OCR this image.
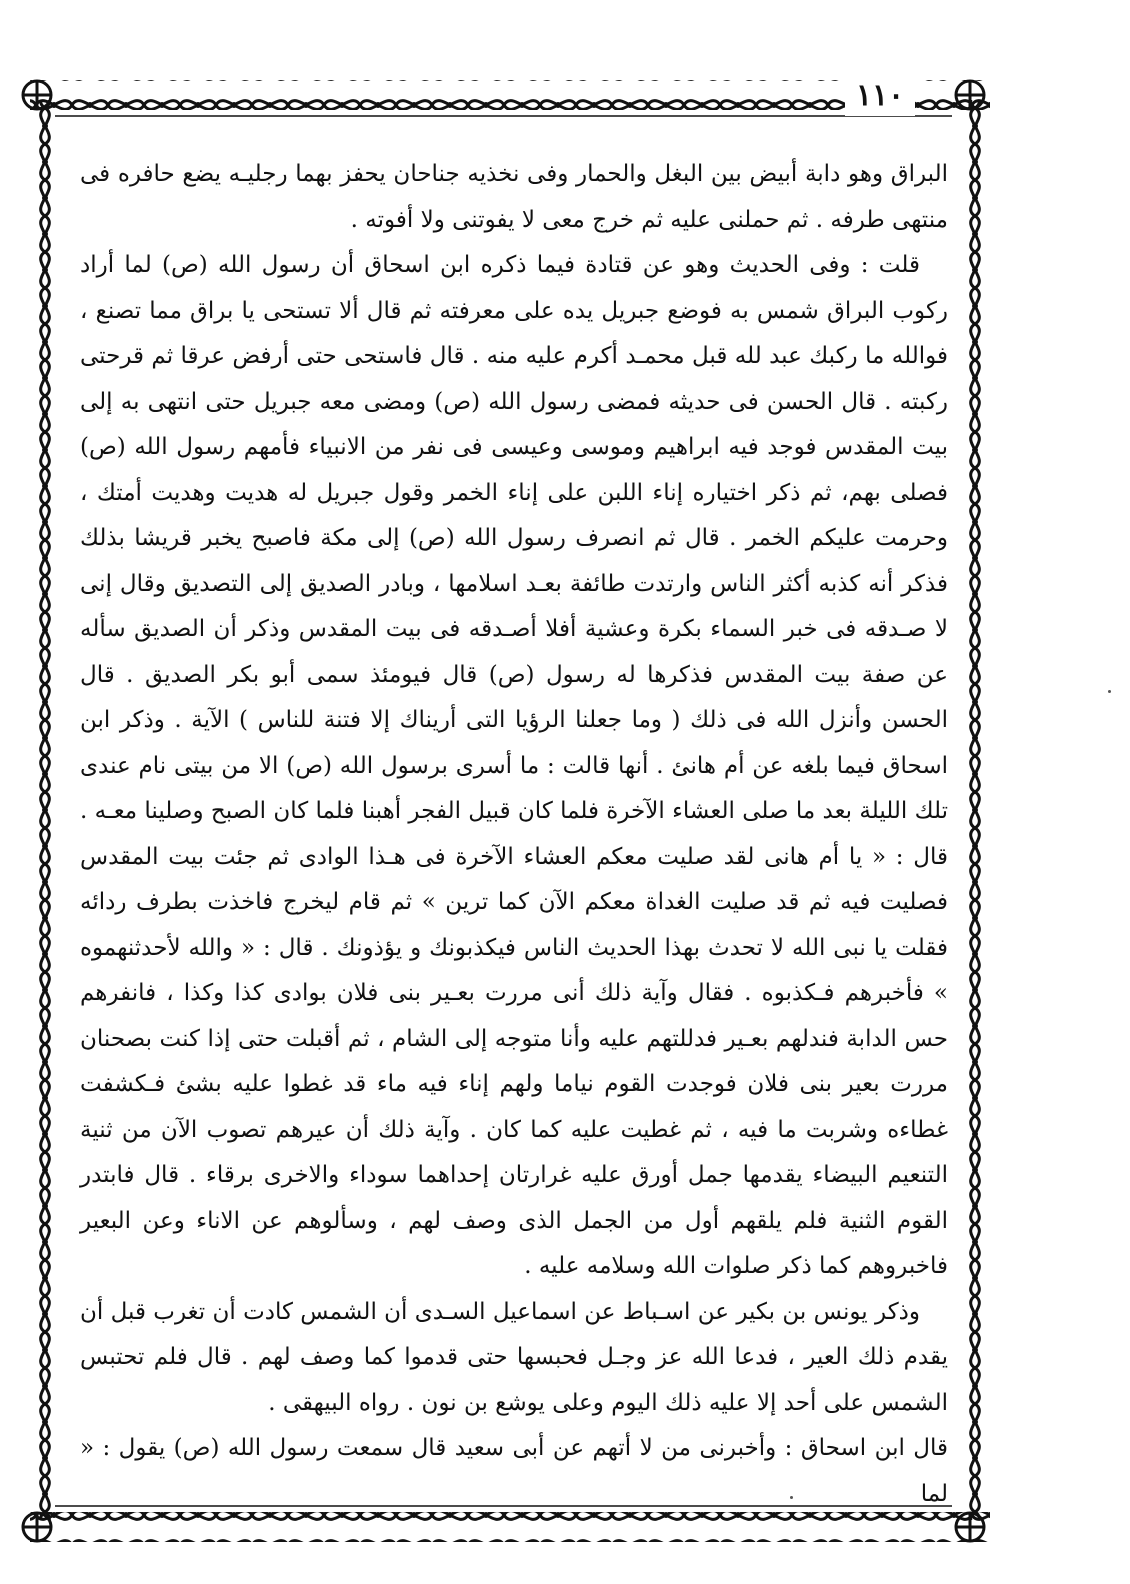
١١٠

البراق وهو دابة أبيض بين البغل والحمار وفى نخذيه جناحان يحفز بهما رجليـه يضع حافره فى منتهى طرفه . ثم حملنى عليه ثم خرج معى لا يفوتنى ولا أفوته .

قلت : وفى الحديث وهو عن قتادة فيما ذكره ابن اسحاق أن رسول الله (ص) لما أراد ركوب البراق شمس به فوضع جبريل يده على معرفته ثم قال ألا تستحى يا براق مما تصنع ، فوالله ما ركبك عبد لله قبل محمـد أكرم عليه منه . قال فاستحى حتى أرفض عرقا ثم قرحتى ركبته . قال الحسن فى حديثه فمضى رسول الله (ص) ومضى معه جبريل حتى انتهى به إلى بيت المقدس فوجد فيه ابراهيم وموسى وعيسى فى نفر من الانبياء فأمهم رسول الله (ص) فصلى بهم، ثم ذكر اختياره إناء اللبن على إناء الخمر وقول جبريل له هديت وهديت أمتك ، وحرمت عليكم الخمر . قال ثم انصرف رسول الله (ص) إلى مكة فاصبح يخبر قريشا بذلك فذكر أنه كذبه أكثر الناس وارتدت طائفة بعـد اسلامها ، وبادر الصديق إلى التصديق وقال إنى لا صـدقه فى خبر السماء بكرة وعشية أفلا أصـدقه فى بيت المقدس وذكر أن الصديق سأله عن صفة بيت المقدس فذكرها له رسول (ص) قال فيومئذ سمى أبو بكر الصديق . قال الحسن وأنزل الله فى ذلك ( وما جعلنا الرؤيا التى أريناك إلا فتنة للناس ) الآية . وذكر ابن اسحاق فيما بلغه عن أم هانئ . أنها قالت : ما أسرى برسول الله (ص) الا من بيتى نام عندى تلك الليلة بعد ما صلى العشاء الآخرة فلما كان قبيل الفجر أهبنا فلما كان الصبح وصلينا معـه . قال : « يا أم هانى لقد صليت معكم العشاء الآخرة فى هـذا الوادى ثم جئت بيت المقدس فصليت فيه ثم قد صليت الغداة معكم الآن كما ترين » ثم قام ليخرج فاخذت بطرف ردائه فقلت يا نبى الله لا تحدث بهذا الحديث الناس فيكذبونك و يؤذونك . قال : « والله لأحدثنهموه » فأخبرهم فـكذبوه . فقال وآية ذلك أنى مررت بعـير بنى فلان بوادى كذا وكذا ، فانفرهم حس الدابة فندلهم بعـير فدللتهم عليه وأنا متوجه إلى الشام ، ثم أقبلت حتى إذا كنت بصحنان مررت بعير بنى فلان فوجدت القوم نياما ولهم إناء فيه ماء قد غطوا عليه بشئ فـكشفت غطاءه وشربت ما فيه ، ثم غطيت عليه كما كان . وآية ذلك أن عيرهم تصوب الآن من ثنية التنعيم البيضاء يقدمها جمل أورق عليه غرارتان إحداهما سوداء والاخرى برقاء . قال فابتدر القوم الثنية فلم يلقهم أول من الجمل الذى وصف لهم ، وسألوهم عن الاناء وعن البعير فاخبروهم كما ذكر صلوات الله وسلامه عليه .

وذكر يونس بن بكير عن اسـباط عن اسماعيل السـدى أن الشمس كادت أن تغرب قبل أن يقدم ذلك العير ، فدعا الله عز وجـل فحبسها حتى قدموا كما وصف لهم . قال فلم تحتبس الشمس على أحد إلا عليه ذلك اليوم وعلى يوشع بن نون . رواه البيهقى .

قال ابن اسحاق : وأخبرنى من لا أتهم عن أبى سعيد قال سمعت رسول الله (ص) يقول : « لما
